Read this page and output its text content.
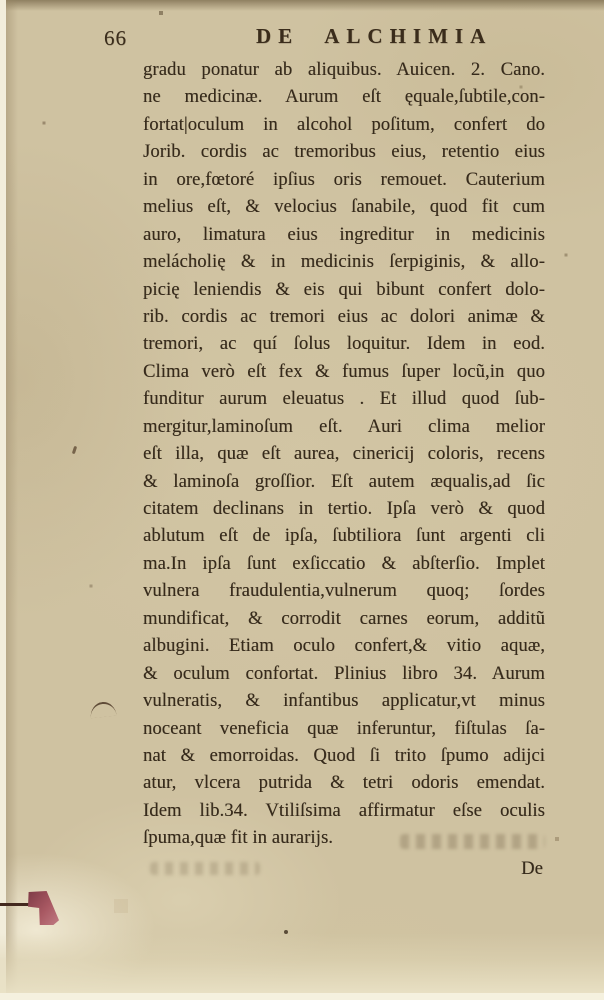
66	DE ALCHIMIA
gradu ponatur ab aliquibus. Auicen. 2. Cano.
ne medicinæ. Aurum eſt ęquale,ſubtile,con-
fortat|oculum in alcohol poſitum, confert do
Jorib. cordis ac tremoribus eius, retentio eius
in ore,fœtoré ipſius oris remouet. Cauterium
melius eſt, & velocius ſanabile, quod fit cum
auro, limatura eius ingreditur in medicinis
melácholię & in medicinis ſerpiginis, & allo-
picię leniendis & eis qui bibunt confert dolo-
rib. cordis ac tremori eius ac dolori animæ &
tremori, ac quí ſolus loquitur. Idem in eod.
Clima verò eſt fex & fumus ſuper locũ,in quo
funditur aurum eleuatus . Et illud quod ſub-
mergitur,laminoſum eſt. Auri clima melior
eſt illa, quæ eſt aurea, cinericij coloris, recens
& laminoſa groſſior. Eſt autem æqualis,ad ſic
citatem declinans in tertio. Ipſa verò & quod
ablutum eſt de ipſa, ſubtiliora ſunt argenti cli
ma.In ipſa ſunt exſiccatio & abſterſio. Implet
vulnera fraudulentia,vulnerum quoq; ſordes
mundificat, & corrodit carnes eorum, additũ
albugini. Etiam oculo confert,& vitio aquæ,
& oculum confortat. Plinius libro 34. Aurum
vulneratis, & infantibus applicatur,vt minus
noceant veneficia quæ inferuntur, fiſtulas ſa-
nat & emorroidas. Quod ſi trito ſpumo adijci
atur, vlcera putrida & tetri odoris emendat.
Idem lib.34. Vtiliſsima affirmatur eſse oculis
ſpuma,quæ fit in aurarijs.
De
